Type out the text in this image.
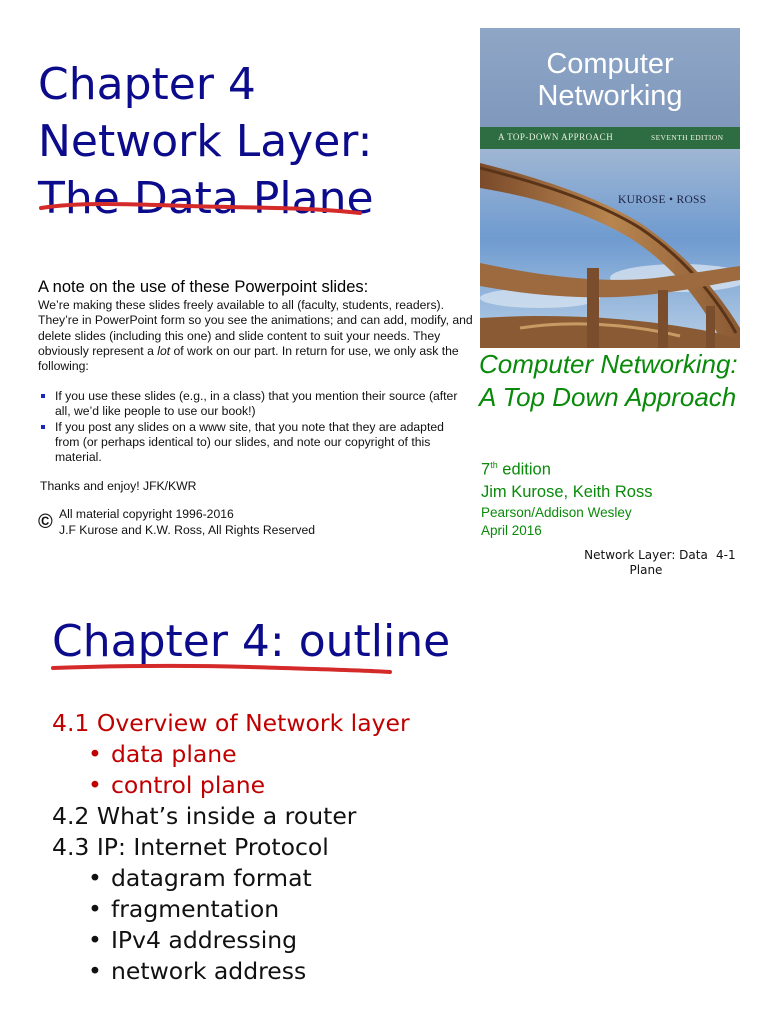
Chapter 4
Network Layer:
The Data Plane
A note on the use of these Powerpoint slides:

We’re making these slides freely available to all (faculty, students, readers). They’re in PowerPoint form so you see the animations; and can add, modify, and delete slides (including this one) and slide content to suit your needs. They obviously represent a lot of work on our part. In return for use, we only ask the following:

If you use these slides (e.g., in a class) that you mention their source (after all, we’d like people to use our book!)
If you post any slides on a www site, that you note that they are adapted from (or perhaps identical to) our slides, and note our copyright of this material.
Thanks and enjoy! JFK/KWR
© All material copyright 1996-2016
J.F Kurose and K.W. Ross, All Rights Reserved
Computer
Networking
A TOP-DOWN APPROACH	SEVENTH EDITION
KUROSE • ROSS
Computer Networking: A Top Down Approach
7th edition
Jim Kurose, Keith Ross
Pearson/Addison Wesley
April 2016
Network Layer: Data Plane
4-1
Chapter 4: outline
4.1 Overview of Network layer
• data plane
• control plane
4.2 What’s inside a router
4.3 IP: Internet Protocol
• datagram format
• fragmentation
• IPv4 addressing
• network address
